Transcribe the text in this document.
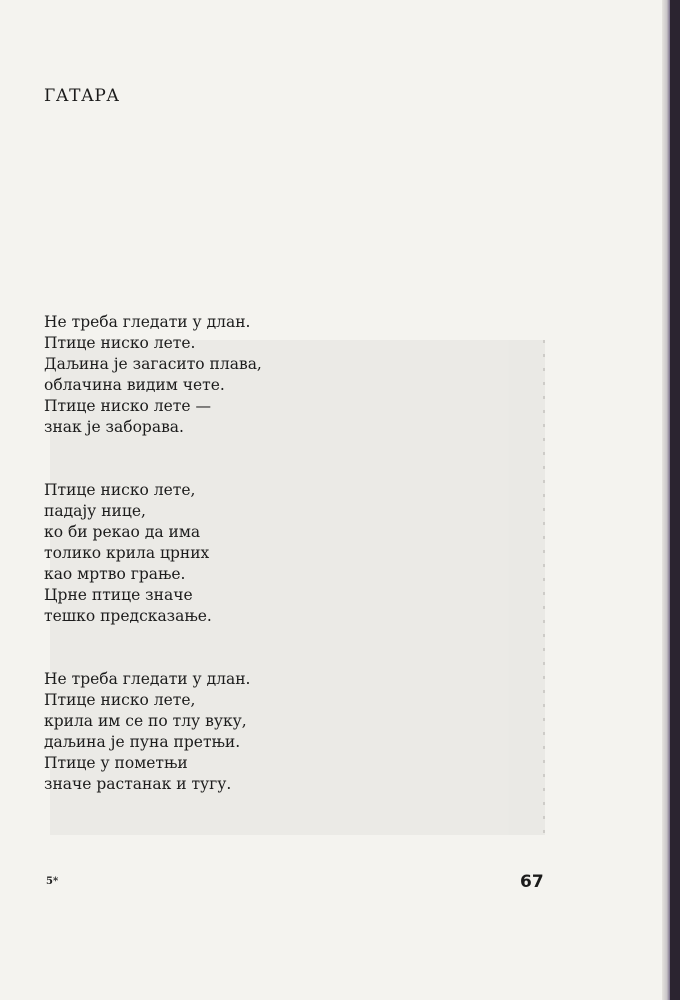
ГАТАРА
Не треба гледати у длан.
Птице ниско лете.
Даљина је загасито плава,
облачина видим чете.
Птице ниско лете —
знак је заборава.
Птице ниско лете,
падају нице,
ко би рекао да има
толико крила црних
као мртво грање.
Црне птице значе
тешко предсказање.
Не треба гледати у длан.
Птице ниско лете,
крила им се по тлу вуку,
даљина је пуна претњи.
Птице у пометњи
значе растанак и тугу.
5*	67
